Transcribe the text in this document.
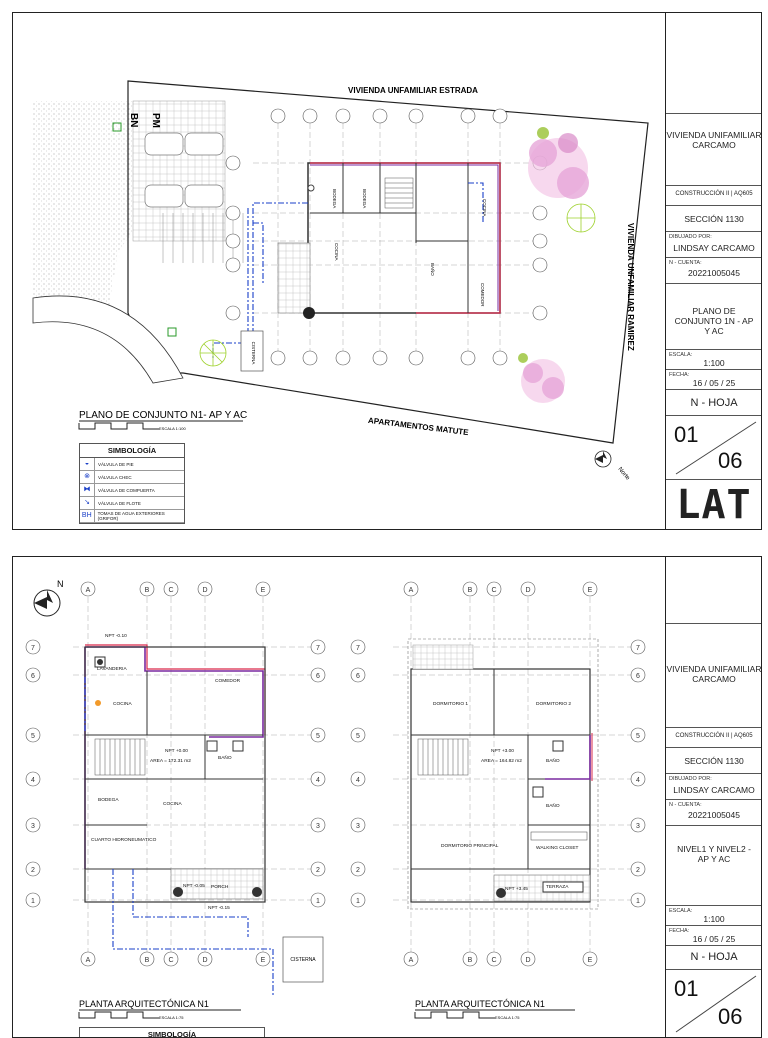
CISTERNA
BN PM
BODEGA	BODEGA
COCINA
COCINA
COMEDOR
BAÑO
VIVIENDA UNFAMILIAR ESTRADA
VIVIENDA UNFAMILIAR RAMIREZ
APARTAMENTOS MATUTE
Norte
PLANO DE CONJUNTO N1- AP Y AC
ESCALA 1:100
SIMBOLOGÍA
◒	VÁLVULA DE PIE
⊗	VÁLVULA CHEC
⧓	VÁLVULA DE COMPUERTA
↘	VÁLVULA DE FLOTE
BH	TOMAS DE AGUA EXTERIORES (GRIFOR)
VIVIENDA UNIFAMILIAR CARCAMO
CONSTRUCCIÓN II | AQ605
SECCIÓN 1130
DIBUJADO POR:
LINDSAY CARCAMO
N - CUENTA:
20221005045
PLANO DE CONJUNTO 1N - AP Y AC
ESCALA:
1:100
FECHA:
16 / 05 / 25
N - HOJA
01
06
LAT
N
A	B	C	D	E
A	B	C	D	E
7
6
5
4
3
2
1
7
6
5
4
3
2
1
CISTERNA
LAVANDERIA
COCINA
COMEDOR
BAÑO
BODEGA
COCINA
CUARTO HIDRONEUMATICO
PORCH
AREA = 172.31 m2
NPT -0.10
NPT +0.00
NPT -0.05
NPT -0.15
PLANTA ARQUITECTÓNICA N1
ESCALA 1:75
A	B	C	D	E
A	B	C	D	E
7
6
5
4
3
2
1
7
6
5
4
3
2
1
DORMITORIO 1	DORMITORIO 2
BAÑO
BAÑO
DORMITORIO PRINCIPAL	WALKING CLOSET
TERRAZA
AREA = 164.82 m2
NPT +3.00
NPT +3.45
PLANTA ARQUITECTÓNICA N1
ESCALA 1:75
SIMBOLOGÍA
VIVIENDA UNIFAMILIAR CARCAMO
CONSTRUCCIÓN II | AQ605
SECCIÓN 1130
DIBUJADO POR:
LINDSAY CARCAMO
N - CUENTA:
20221005045
NIVEL1 Y NIVEL2 - AP Y AC
ESCALA:
1:100
FECHA:
16 / 05 / 25
N - HOJA
01
06
